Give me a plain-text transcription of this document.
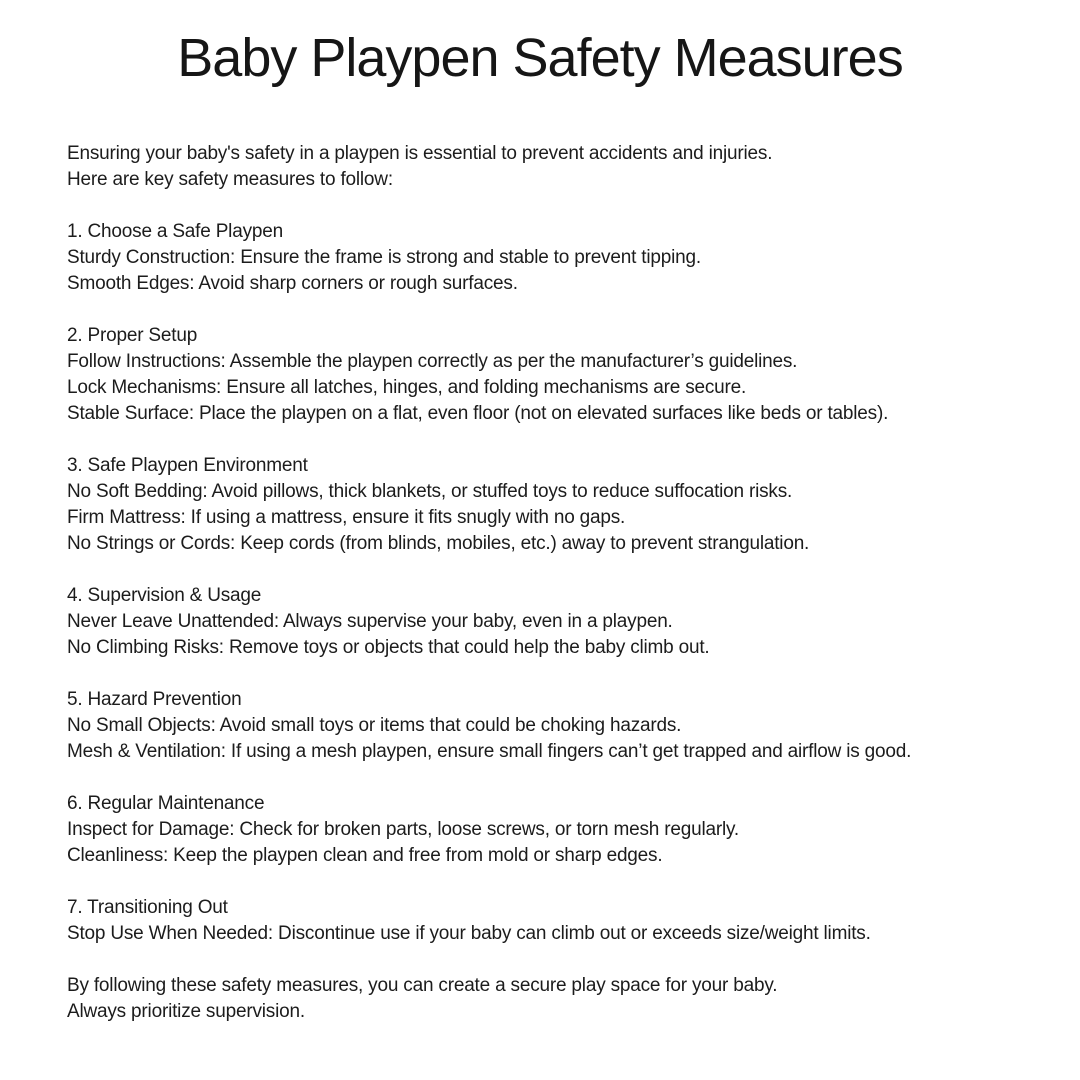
Baby Playpen Safety Measures
Ensuring your baby's safety in a playpen is essential to prevent accidents and injuries.
Here are key safety measures to follow:
1. Choose a Safe Playpen
Sturdy Construction: Ensure the frame is strong and stable to prevent tipping.
Smooth Edges: Avoid sharp corners or rough surfaces.
2. Proper Setup
Follow Instructions: Assemble the playpen correctly as per the manufacturer’s guidelines.
Lock Mechanisms: Ensure all latches, hinges, and folding mechanisms are secure.
Stable Surface: Place the playpen on a flat, even floor (not on elevated surfaces like beds or tables).
3. Safe Playpen Environment
No Soft Bedding: Avoid pillows, thick blankets, or stuffed toys to reduce suffocation risks.
Firm Mattress: If using a mattress, ensure it fits snugly with no gaps.
No Strings or Cords: Keep cords (from blinds, mobiles, etc.) away to prevent strangulation.
4. Supervision & Usage
Never Leave Unattended: Always supervise your baby, even in a playpen.
No Climbing Risks: Remove toys or objects that could help the baby climb out.
5. Hazard Prevention
No Small Objects: Avoid small toys or items that could be choking hazards.
Mesh & Ventilation: If using a mesh playpen, ensure small fingers can’t get trapped and airflow is good.
6. Regular Maintenance
Inspect for Damage: Check for broken parts, loose screws, or torn mesh regularly.
Cleanliness: Keep the playpen clean and free from mold or sharp edges.
7. Transitioning Out
Stop Use When Needed: Discontinue use if your baby can climb out or exceeds size/weight limits.
By following these safety measures, you can create a secure play space for your baby.
Always prioritize supervision.
